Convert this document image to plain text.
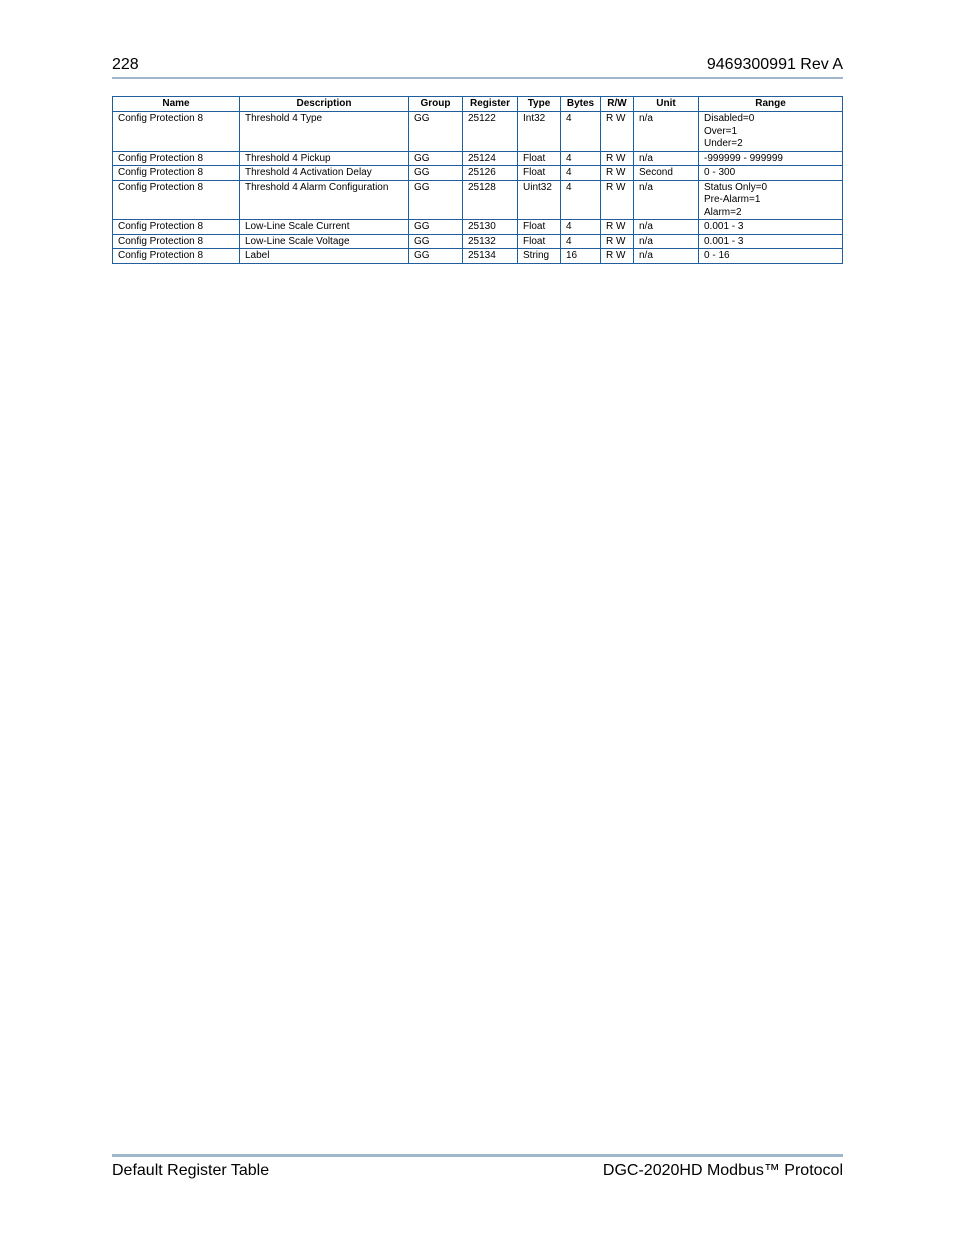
228	9469300991 Rev A
Name	Description	Group	Register	Type	Bytes	R/W	Unit	Range
Config Protection 8	Threshold 4 Type	GG	25122	Int32	4	R W	n/a	Disabled=0
Over=1
Under=2

Config Protection 8	Threshold 4 Pickup	GG	25124	Float	4	R W	n/a	-999999 - 999999
Config Protection 8	Threshold 4 Activation Delay	GG	25126	Float	4	R W	Second	0 - 300
Config Protection 8	Threshold 4 Alarm Configuration	GG	25128	Uint32	4	R W	n/a	Status Only=0
Pre-Alarm=1
Alarm=2

Config Protection 8	Low-Line Scale Current	GG	25130	Float	4	R W	n/a	0.001 - 3
Config Protection 8	Low-Line Scale Voltage	GG	25132	Float	4	R W	n/a	0.001 - 3
Config Protection 8	Label	GG	25134	String	16	R W	n/a	0 - 16
Default Register Table	DGC-2020HD Modbus™ Protocol
